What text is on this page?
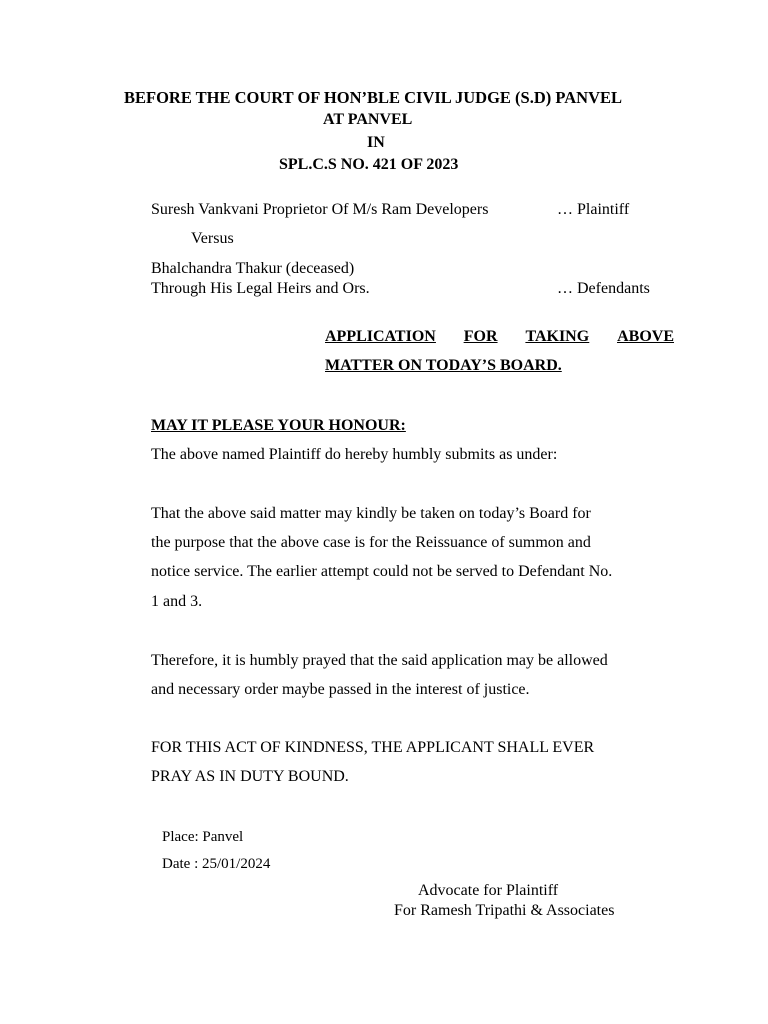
BEFORE THE COURT OF HON’BLE CIVIL JUDGE (S.D) PANVEL
AT PANVEL
IN
SPL.C.S NO. 421 OF 2023
Suresh Vankvani Proprietor Of M/s Ram Developers	… Plaintiff
Versus
Bhalchandra Thakur (deceased)
Through His Legal Heirs and Ors.	… Defendants
APPLICATION FOR TAKING ABOVE
MATTER ON TODAY’S BOARD.
MAY IT PLEASE YOUR HONOUR:
The above named Plaintiff do hereby humbly submits as under:
That the above said matter may kindly be taken on today’s Board for
the purpose that the above case is for the Reissuance of summon and
notice service. The earlier attempt could not be served to Defendant No.
1 and 3.
Therefore, it is humbly prayed that the said application may be allowed
and necessary order maybe passed in the interest of justice.
FOR THIS ACT OF KINDNESS, THE APPLICANT SHALL EVER
PRAY AS IN DUTY BOUND.
Place: Panvel
Date : 25/01/2024
Advocate for Plaintiff
For Ramesh Tripathi & Associates
